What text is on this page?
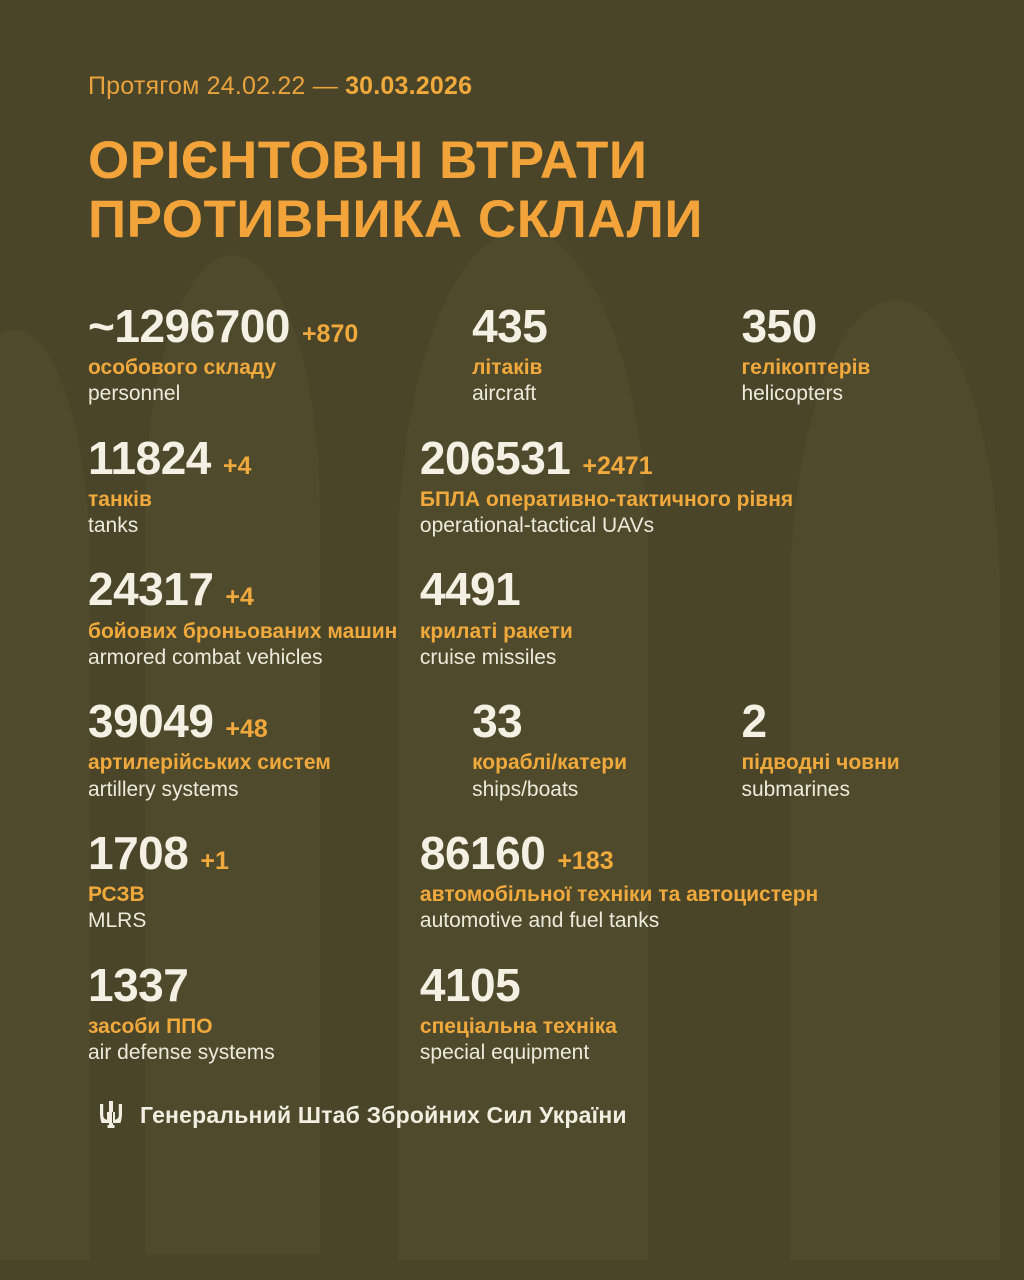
Протягом 24.02.22 — 30.03.2026
ОРІЄНТОВНІ ВТРАТИ
ПРОТИВНИКА СКЛАЛИ
~1296700 +870
особового складу
personnel
435
літаків
aircraft
350
гелікоптерів
helicopters
11824 +4
танків
tanks
206531 +2471
БПЛА оперативно-тактичного рівня
operational-tactical UAVs
24317 +4
бойових броньованих машин
armored combat vehicles
4491
крилаті ракети
cruise missiles
39049 +48
артилерійських систем
artillery systems
33
кораблі/катери
ships/boats
2
підводні човни
submarines
1708 +1
РСЗВ
MLRS
86160 +183
автомобільної техніки та автоцистерн
automotive and fuel tanks
1337
засоби ППО
air defense systems
4105
спеціальна техніка
special equipment
Генеральний Штаб Збройних Сил України
